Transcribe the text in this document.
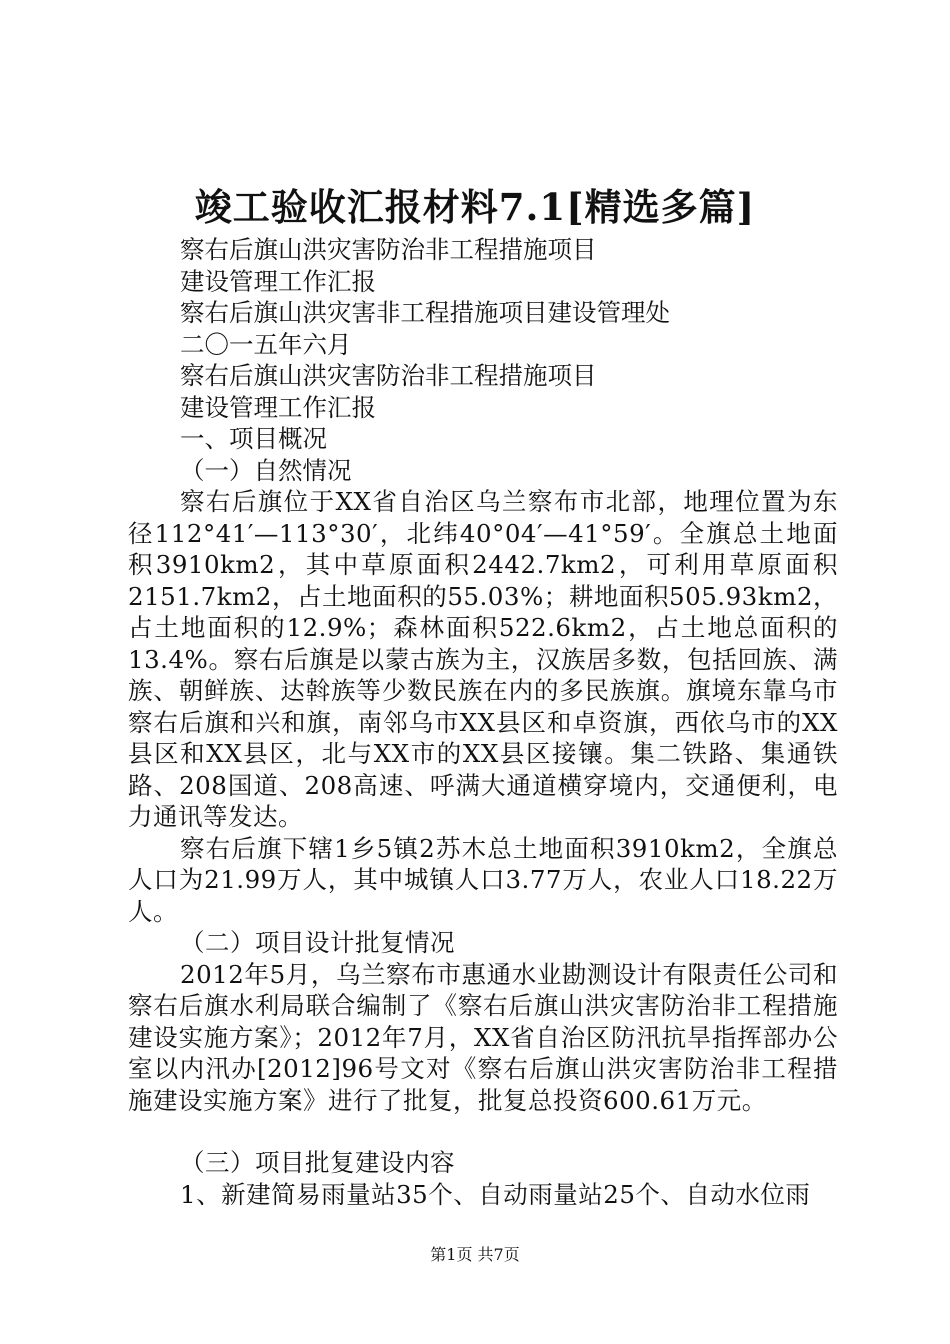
竣工验收汇报材料7.1[精选多篇]

察右后旗山洪灾害防治非工程措施项目

建设管理工作汇报

察右后旗山洪灾害非工程措施项目建设管理处

二〇一五年六月

察右后旗山洪灾害防治非工程措施项目

建设管理工作汇报

一、项目概况

（一）自然情况

察右后旗位于XX省自治区乌兰察布市北部，地理位置为东径112°41′—113°30′，北纬40°04′—41°59′。全旗总土地面积3910km2，其中草原面积2442.7km2，可利用草原面积2151.7km2，占土地面积的55.03%；耕地面积505.93km2，占土地面积的12.9%；森林面积522.6km2，占土地总面积的13.4%。察右后旗是以蒙古族为主，汉族居多数，包括回族、满族、朝鲜族、达斡族等少数民族在内的多民族旗。旗境东靠乌市察右后旗和兴和旗，南邻乌市XX县区和卓资旗，西依乌市的XX县区和XX县区，北与XX市的XX县区接镶。集二铁路、集通铁路、208国道、208高速、呼满大通道横穿境内，交通便利，电力通讯等发达。

察右后旗下辖1乡5镇2苏木总土地面积3910km2，全旗总人口为21.99万人，其中城镇人口3.77万人，农业人口18.22万人。

（二）项目设计批复情况

2012年5月，乌兰察布市惠通水业勘测设计有限责任公司和察右后旗水利局联合编制了《察右后旗山洪灾害防治非工程措施建设实施方案》；2012年7月，XX省自治区防汛抗旱指挥部办公室以内汛办[2012]96号文对《察右后旗山洪灾害防治非工程措施建设实施方案》进行了批复，批复总投资600.61万元。

（三）项目批复建设内容

1、新建简易雨量站35个、自动雨量站25个、自动水位雨

第1页 共7页
